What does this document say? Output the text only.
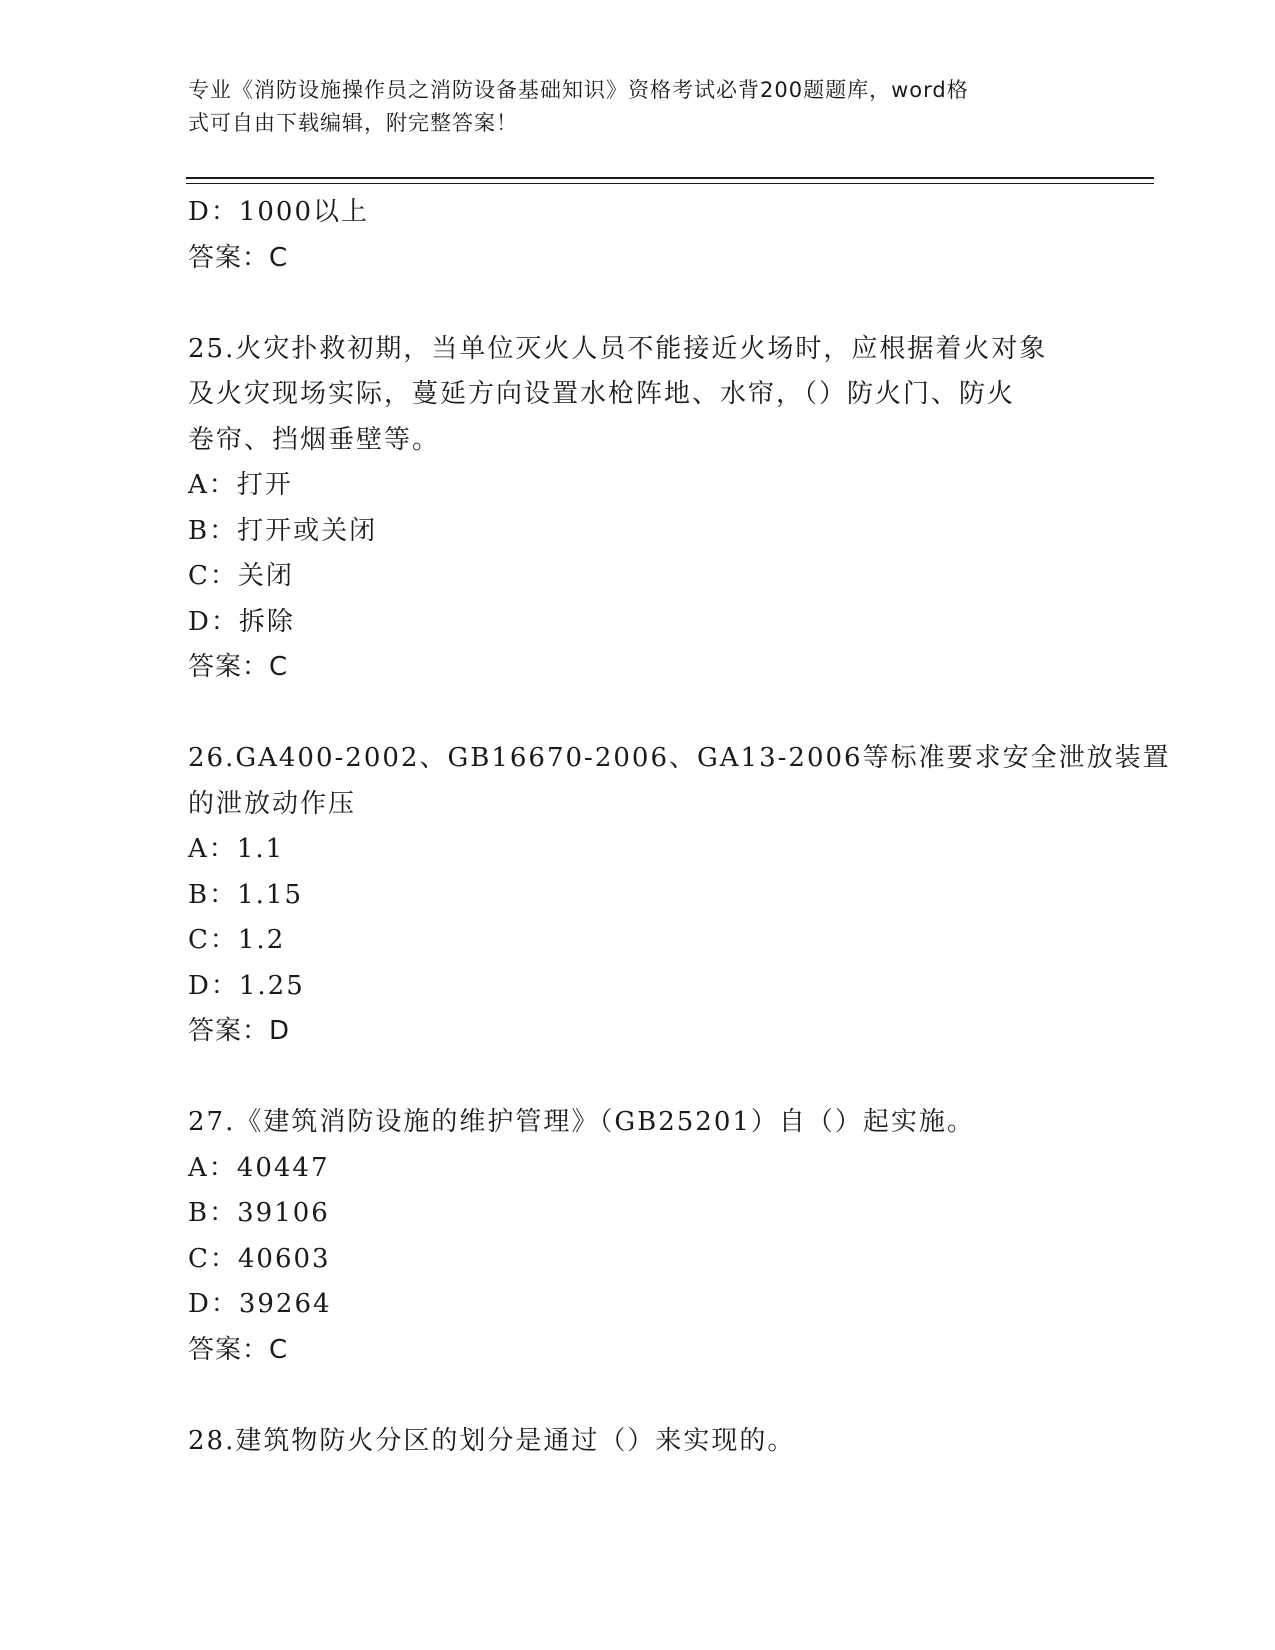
专业《消防设施操作员之消防设备基础知识》资格考试必背200题题库，word格
式可自由下载编辑，附完整答案！
D：1000以上
答案：C
25.火灾扑救初期，当单位灭火人员不能接近火场时，应根据着火对象
及火灾现场实际，蔓延方向设置水枪阵地、水帘，（）防火门、防火
卷帘、挡烟垂壁等。
A：打开
B：打开或关闭
C：关闭
D：拆除
答案：C
26.GA400-2002、GB16670-2006、GA13-2006等标准要求安全泄放装置
的泄放动作压
A：1.1
B：1.15
C：1.2
D：1.25
答案：D
27.《建筑消防设施的维护管理》（GB25201）自（）起实施。
A：40447
B：39106
C：40603
D：39264
答案：C
28.建筑物防火分区的划分是通过（）来实现的。
